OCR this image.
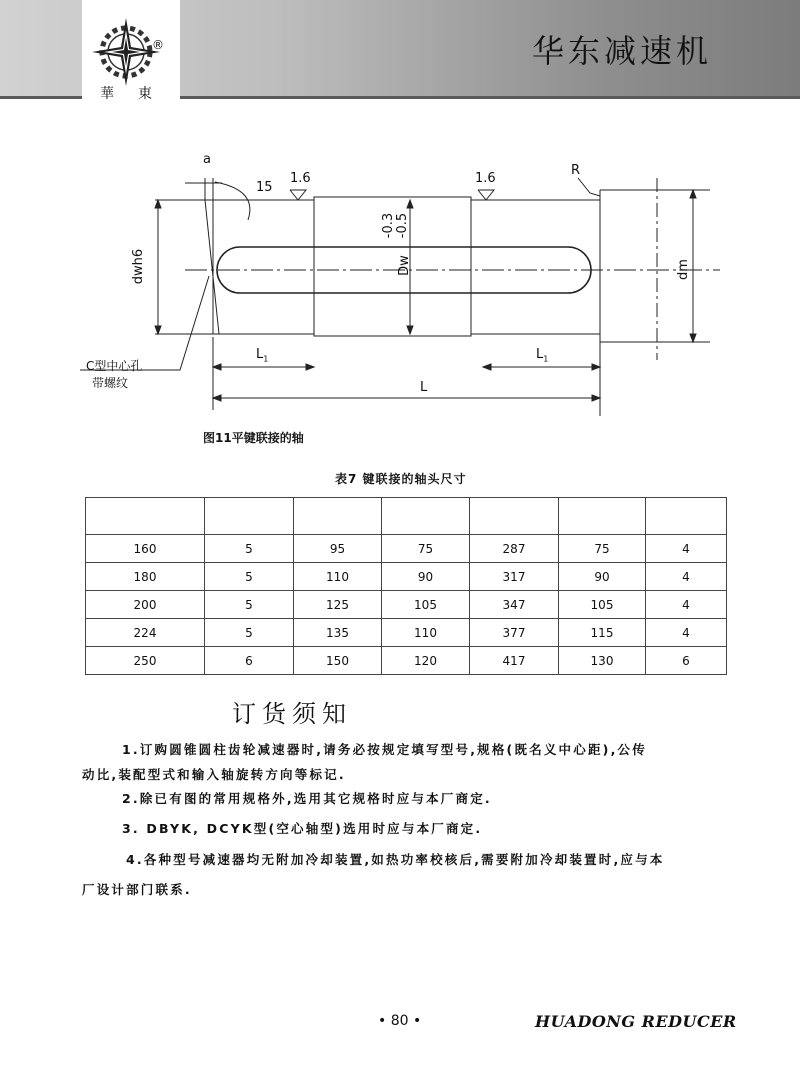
®
華 東
华东减速机
a
15
1.6	1.6
R
dwh6
-0.3 -0.5
Dw	dm
$L_1$	$L_1$
L
C型中心孔
带螺纹
图11平键联接的轴
表7 键联接的轴头尺寸

160	5	95	75	287	75	4
180	5	110	90	317	90	4
200	5	125	105	347	105	4
224	5	135	110	377	115	4
250	6	150	120	417	130	6
订货须知
1.订购圆锥圆柱齿轮减速器时,请务必按规定填写型号,规格(既名义中心距),公传
动比,装配型式和输入轴旋转方向等标记.
2.除已有图的常用规格外,选用其它规格时应与本厂商定.
3. DBYK, DCYK型(空心轴型)选用时应与本厂商定.
4.各种型号减速器均无附加冷却装置,如热功率校核后,需要附加冷却装置时,应与本
厂设计部门联系.
• 80 •	HUADONG REDUCER
